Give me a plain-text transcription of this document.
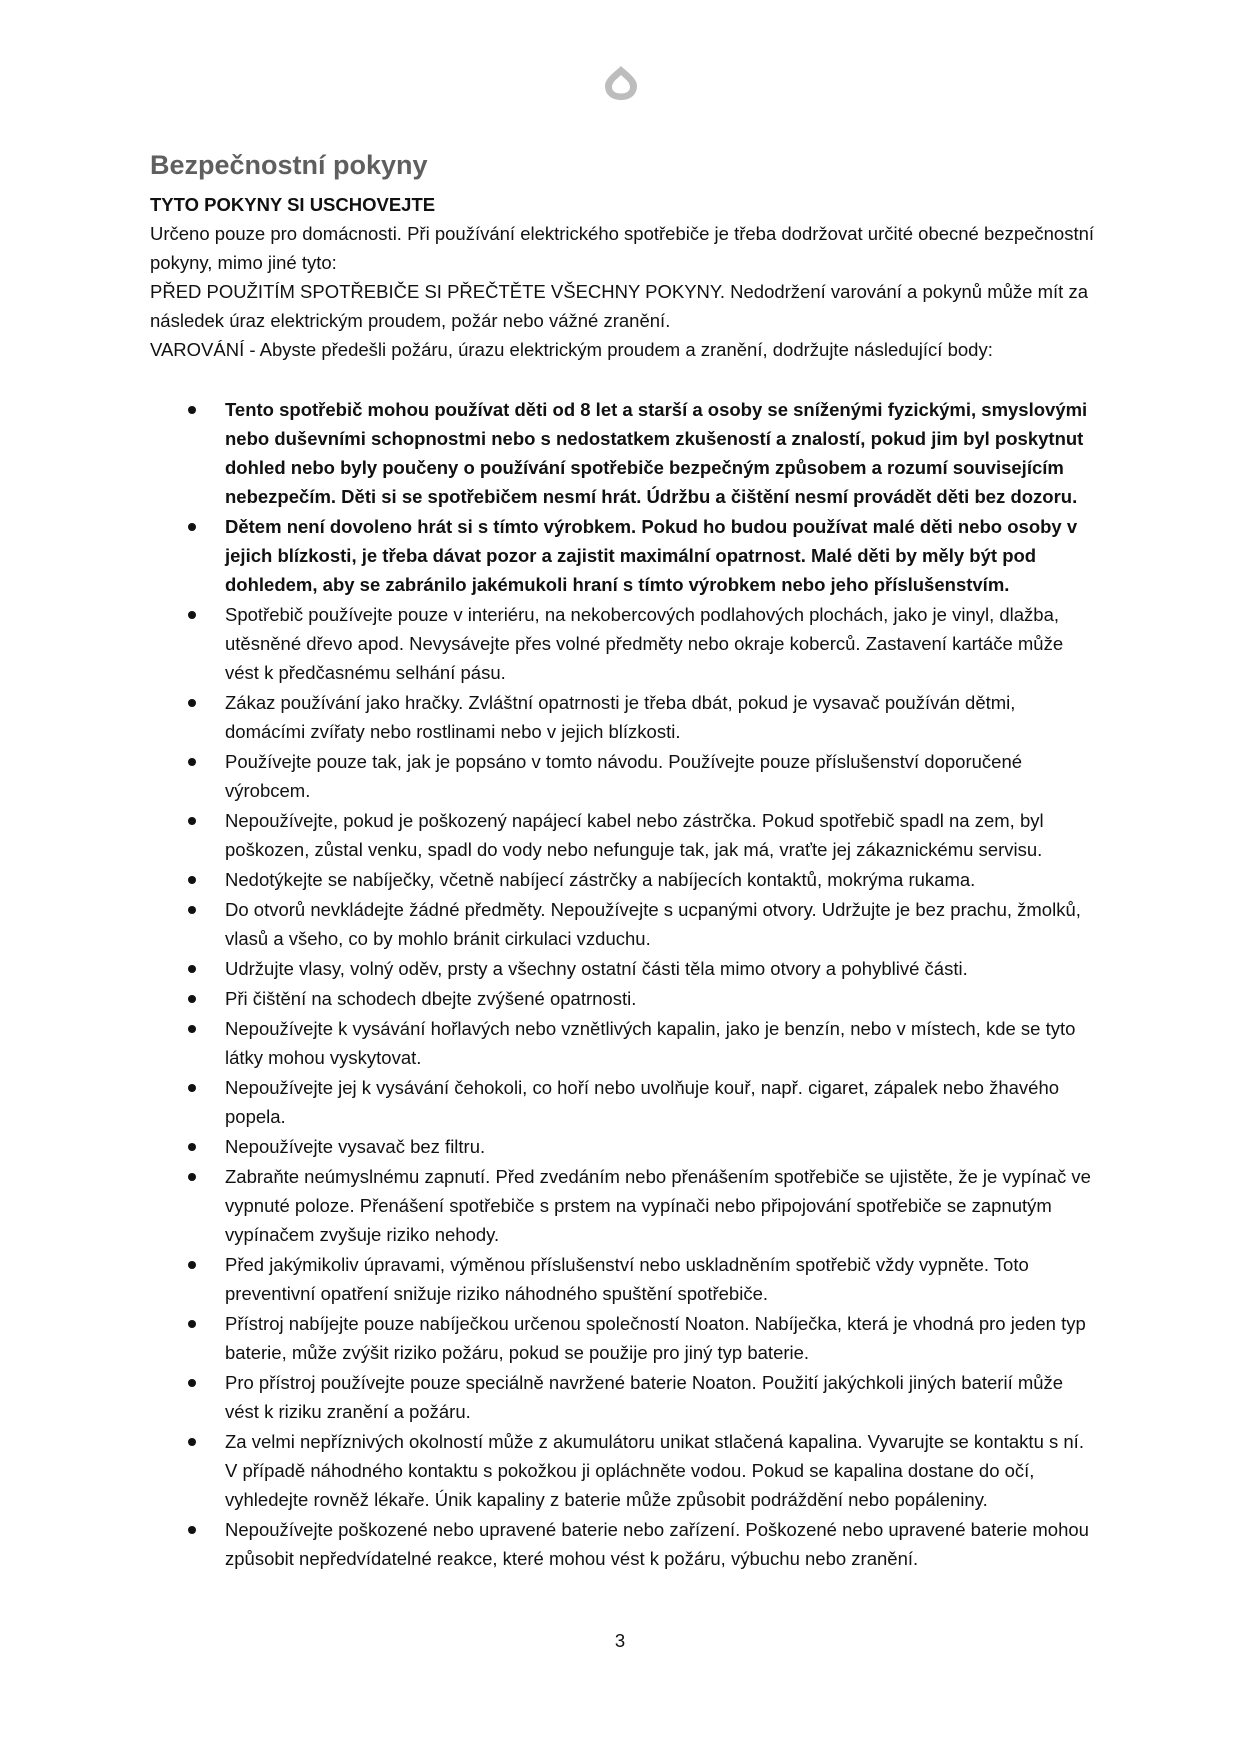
Bezpečnostní pokyny
TYTO POKYNY SI USCHOVEJTE

Určeno pouze pro domácnosti. Při používání elektrického spotřebiče je třeba dodržovat určité obecné bezpečnostní pokyny, mimo jiné tyto:

PŘED POUŽITÍM SPOTŘEBIČE SI PŘEČTĚTE VŠECHNY POKYNY. Nedodržení varování a pokynů může mít za následek úraz elektrickým proudem, požár nebo vážné zranění.

VAROVÁNÍ - Abyste předešli požáru, úrazu elektrickým proudem a zranění, dodržujte následující body:

Tento spotřebič mohou používat děti od 8 let a starší a osoby se sníženými fyzickými, smyslovými nebo duševními schopnostmi nebo s nedostatkem zkušeností a znalostí, pokud jim byl poskytnut dohled nebo byly poučeny o používání spotřebiče bezpečným způsobem a rozumí souvisejícím nebezpečím. Děti si se spotřebičem nesmí hrát. Údržbu a čištění nesmí provádět děti bez dozoru.
Dětem není dovoleno hrát si s tímto výrobkem. Pokud ho budou používat malé děti nebo osoby v jejich blízkosti, je třeba dávat pozor a zajistit maximální opatrnost. Malé děti by měly být pod dohledem, aby se zabránilo jakémukoli hraní s tímto výrobkem nebo jeho příslušenstvím.
Spotřebič používejte pouze v interiéru, na nekobercových podlahových plochách, jako je vinyl, dlažba, utěsněné dřevo apod. Nevysávejte přes volné předměty nebo okraje koberců. Zastavení kartáče může vést k předčasnému selhání pásu.
Zákaz používání jako hračky. Zvláštní opatrnosti je třeba dbát, pokud je vysavač používán dětmi, domácími zvířaty nebo rostlinami nebo v jejich blízkosti.
Používejte pouze tak, jak je popsáno v tomto návodu. Používejte pouze příslušenství doporučené výrobcem.
Nepoužívejte, pokud je poškozený napájecí kabel nebo zástrčka. Pokud spotřebič spadl na zem, byl poškozen, zůstal venku, spadl do vody nebo nefunguje tak, jak má, vraťte jej zákaznickému servisu.
Nedotýkejte se nabíječky, včetně nabíjecí zástrčky a nabíjecích kontaktů, mokrýma rukama.
Do otvorů nevkládejte žádné předměty. Nepoužívejte s ucpanými otvory. Udržujte je bez prachu, žmolků, vlasů a všeho, co by mohlo bránit cirkulaci vzduchu.
Udržujte vlasy, volný oděv, prsty a všechny ostatní části těla mimo otvory a pohyblivé části.
Při čištění na schodech dbejte zvýšené opatrnosti.
Nepoužívejte k vysávání hořlavých nebo vznětlivých kapalin, jako je benzín, nebo v místech, kde se tyto látky mohou vyskytovat.
Nepoužívejte jej k vysávání čehokoli, co hoří nebo uvolňuje kouř, např. cigaret, zápalek nebo žhavého popela.
Nepoužívejte vysavač bez filtru.
Zabraňte neúmyslnému zapnutí. Před zvedáním nebo přenášením spotřebiče se ujistěte, že je vypínač ve vypnuté poloze. Přenášení spotřebiče s prstem na vypínači nebo připojování spotřebiče se zapnutým vypínačem zvyšuje riziko nehody.
Před jakýmikoliv úpravami, výměnou příslušenství nebo uskladněním spotřebič vždy vypněte. Toto preventivní opatření snižuje riziko náhodného spuštění spotřebiče.
Přístroj nabíjejte pouze nabíječkou určenou společností Noaton. Nabíječka, která je vhodná pro jeden typ baterie, může zvýšit riziko požáru, pokud se použije pro jiný typ baterie.
Pro přístroj používejte pouze speciálně navržené baterie Noaton. Použití jakýchkoli jiných baterií může vést k riziku zranění a požáru.
Za velmi nepříznivých okolností může z akumulátoru unikat stlačená kapalina. Vyvarujte se kontaktu s ní. V případě náhodného kontaktu s pokožkou ji opláchněte vodou. Pokud se kapalina dostane do očí, vyhledejte rovněž lékaře. Únik kapaliny z baterie může způsobit podráždění nebo popáleniny.
Nepoužívejte poškozené nebo upravené baterie nebo zařízení. Poškozené nebo upravené baterie mohou způsobit nepředvídatelné reakce, které mohou vést k požáru, výbuchu nebo zranění.
3
